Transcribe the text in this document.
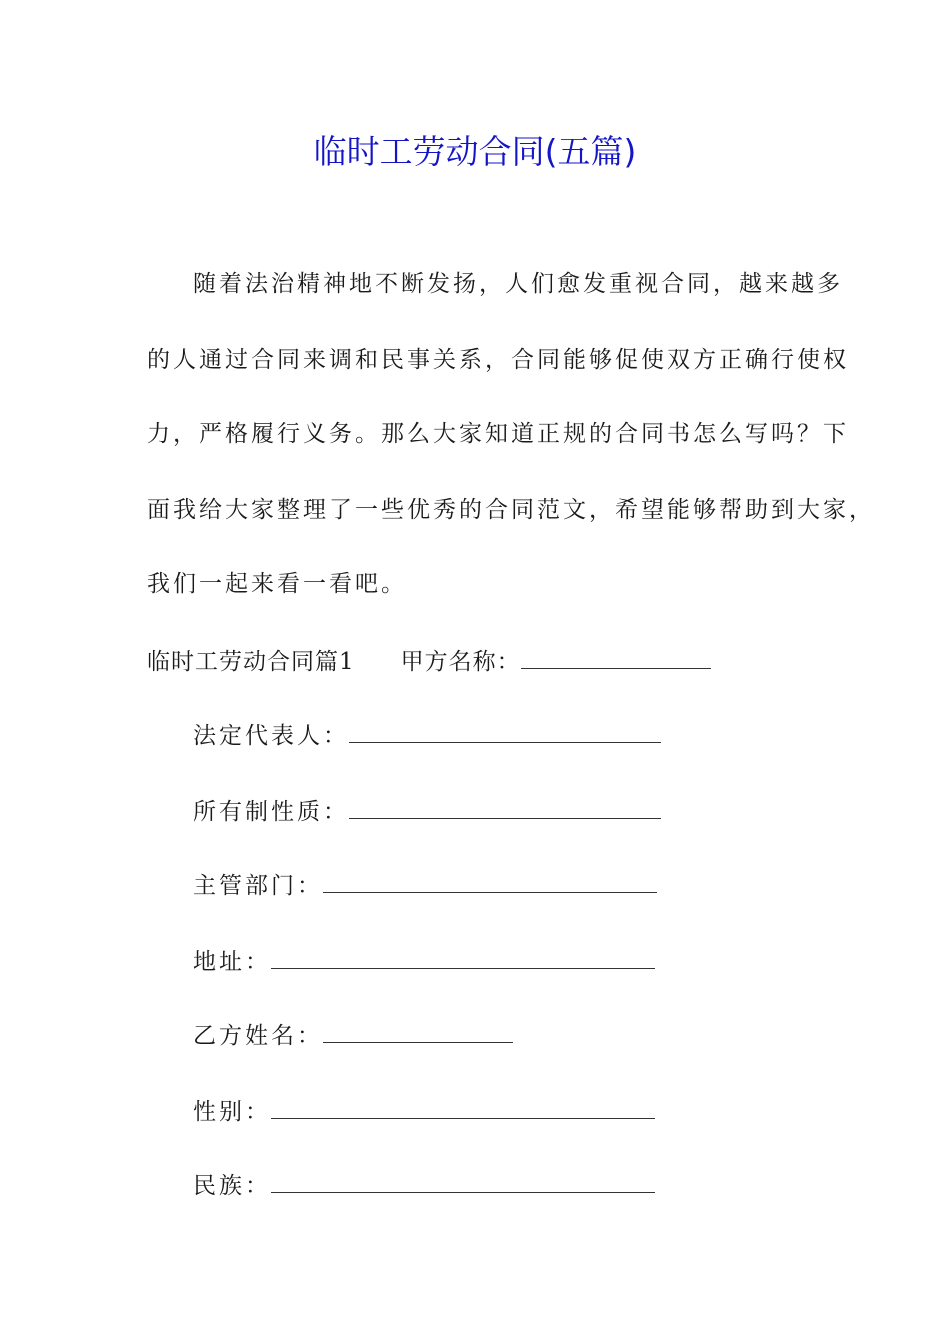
临时工劳动合同(五篇)
随着法治精神地不断发扬，人们愈发重视合同，越来越多
的人通过合同来调和民事关系，合同能够促使双方正确行使权
力，严格履行义务。那么大家知道正规的合同书怎么写吗？下
面我给大家整理了一些优秀的合同范文，希望能够帮助到大家，
我们一起来看一看吧。
临时工劳动合同篇1 甲方名称：
法定代表人：
所有制性质：
主管部门：
地址：
乙方姓名：
性别：
民族：
